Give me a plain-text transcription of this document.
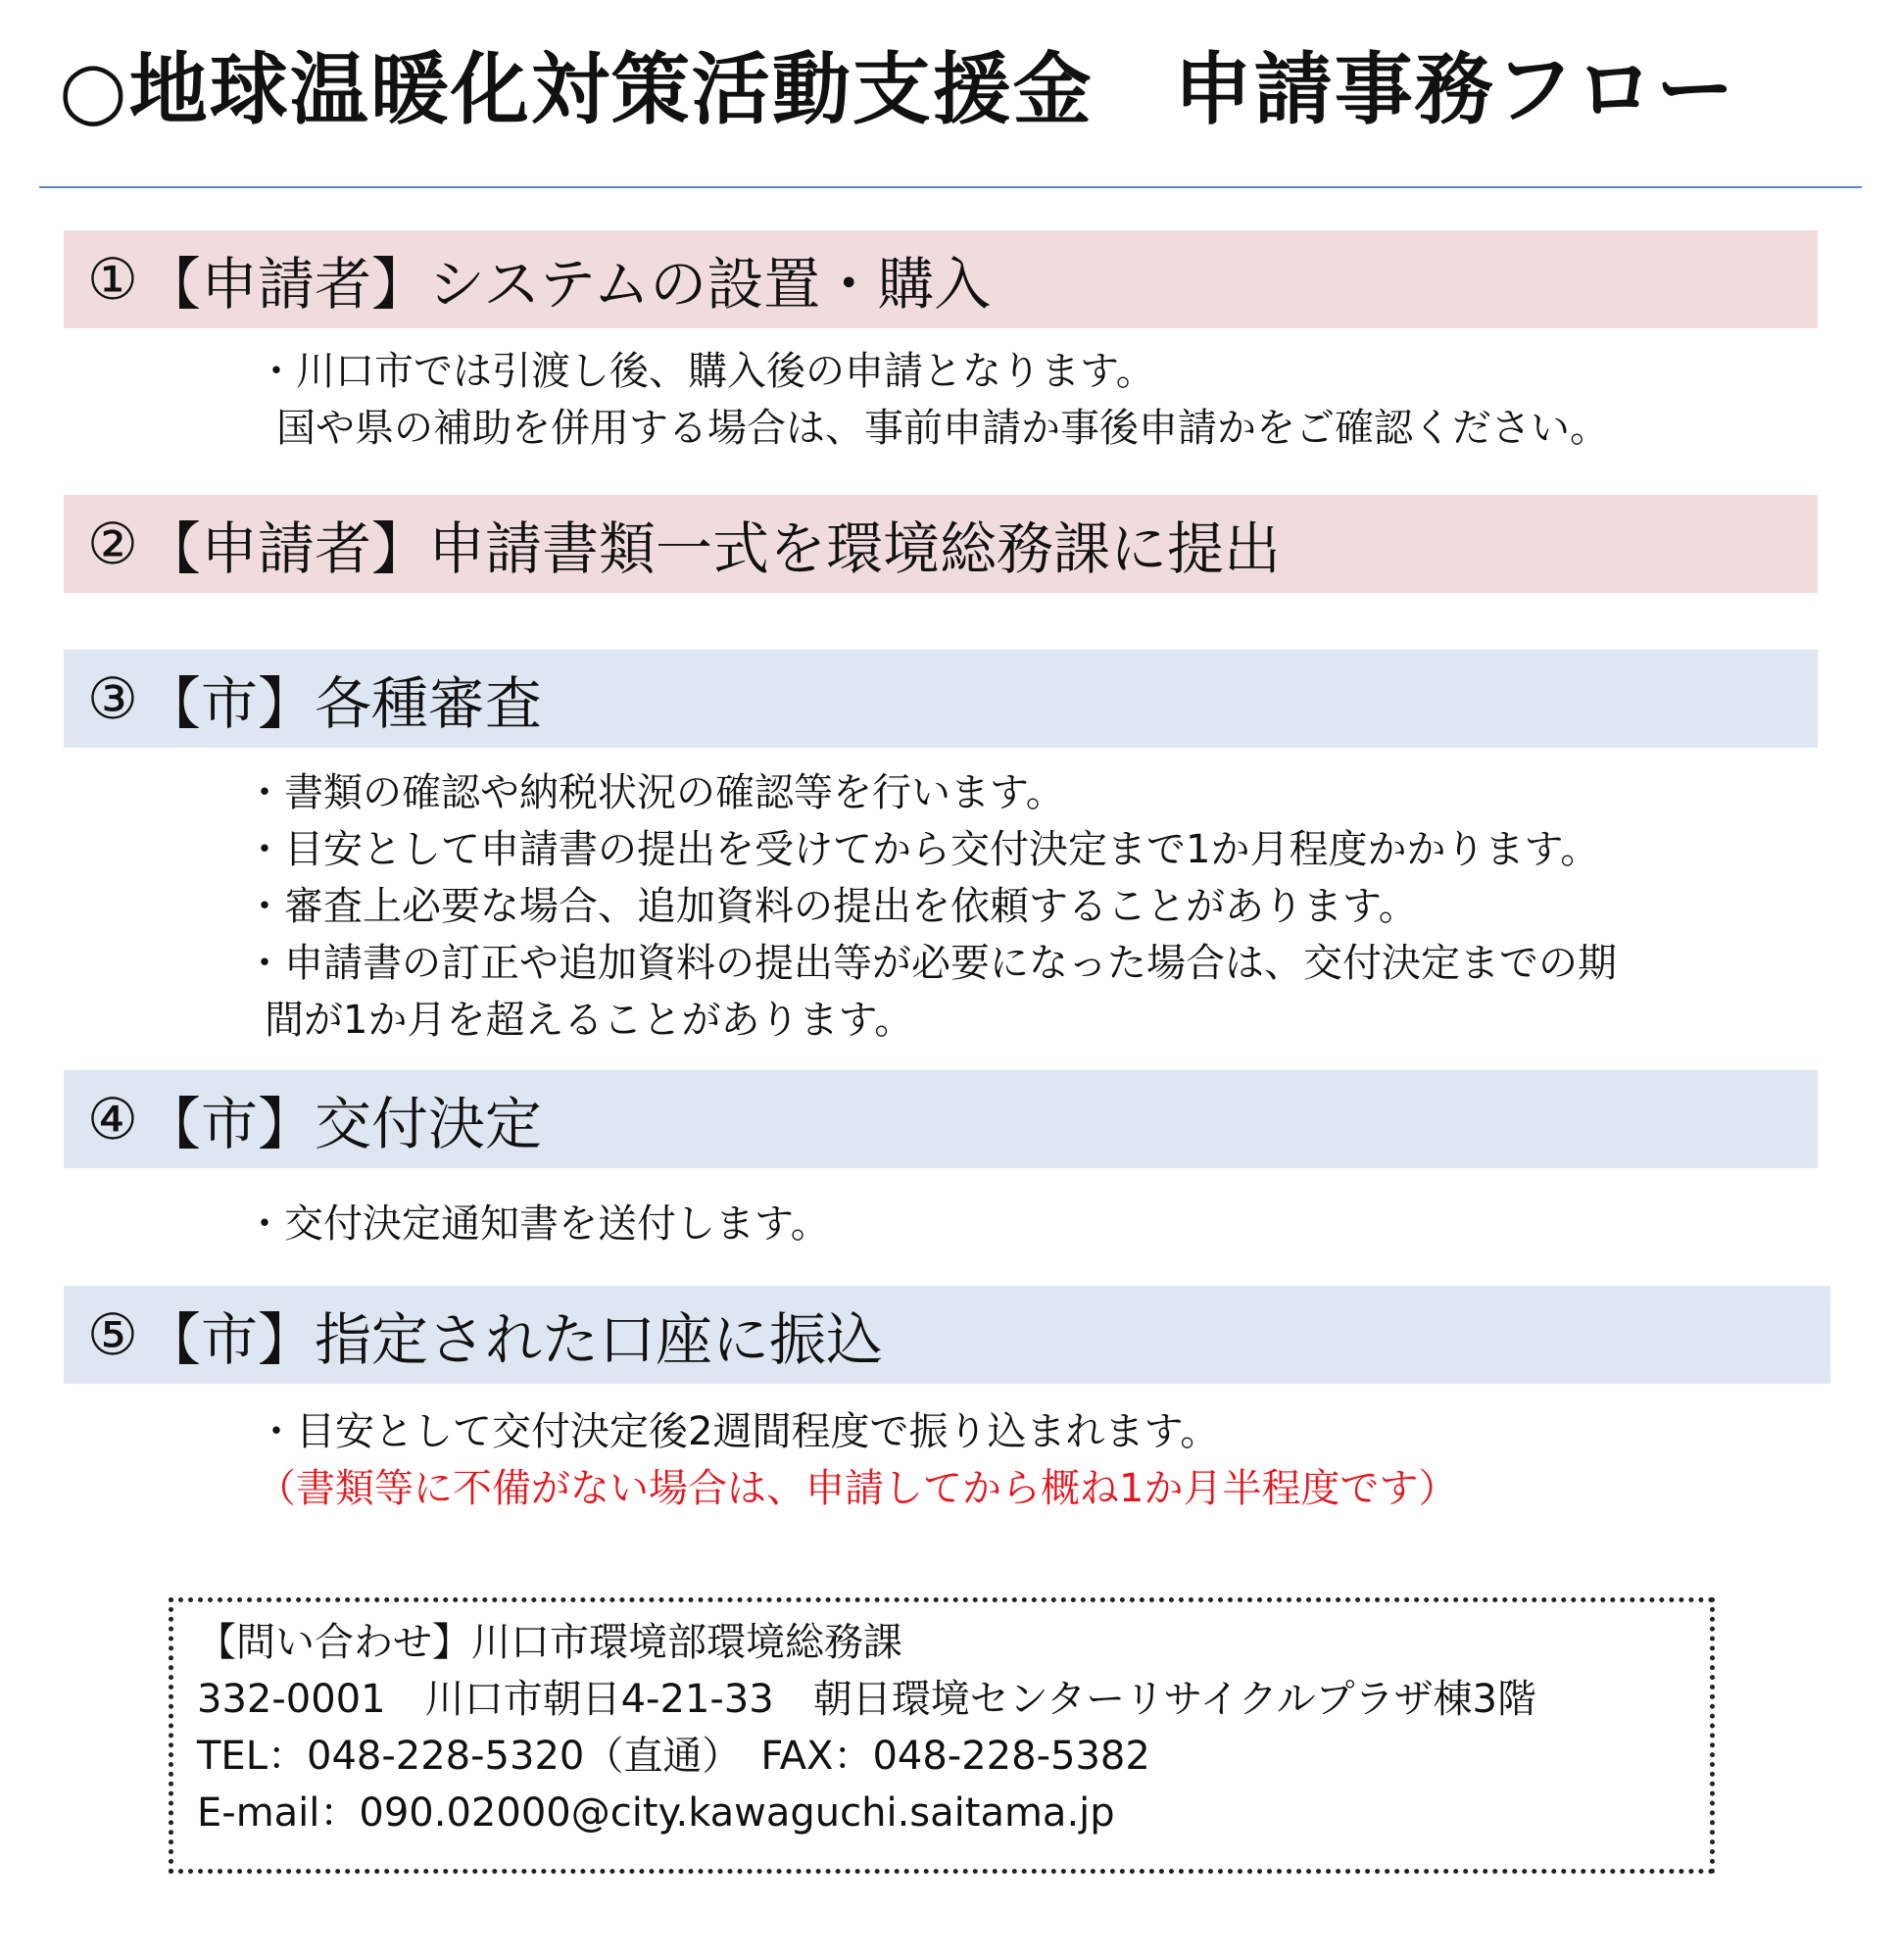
○地球温暖化対策活動支援金　申請事務フロー
① 【申請者】システムの設置・購入
・川口市では引渡し後、購入後の申請となります。
国や県の補助を併用する場合は、事前申請か事後申請かをご確認ください。
② 【申請者】申請書類一式を環境総務課に提出
③ 【市】各種審査
・書類の確認や納税状況の確認等を行います。
・目安として申請書の提出を受けてから交付決定まで1か月程度かかります。
・審査上必要な場合、追加資料の提出を依頼することがあります。
・申請書の訂正や追加資料の提出等が必要になった場合は、交付決定までの期
間が1か月を超えることがあります。
④ 【市】交付決定
・交付決定通知書を送付します。
⑤ 【市】指定された口座に振込
・目安として交付決定後2週間程度で振り込まれます。
（書類等に不備がない場合は、申請してから概ね1か月半程度です）
【問い合わせ】川口市環境部環境総務課
332-0001　川口市朝日4-21-33　朝日環境センターリサイクルプラザ棟3階
TEL：048-228-5320（直通）　FAX：048-228-5382
E-mail：090.02000@city.kawaguchi.saitama.jp
